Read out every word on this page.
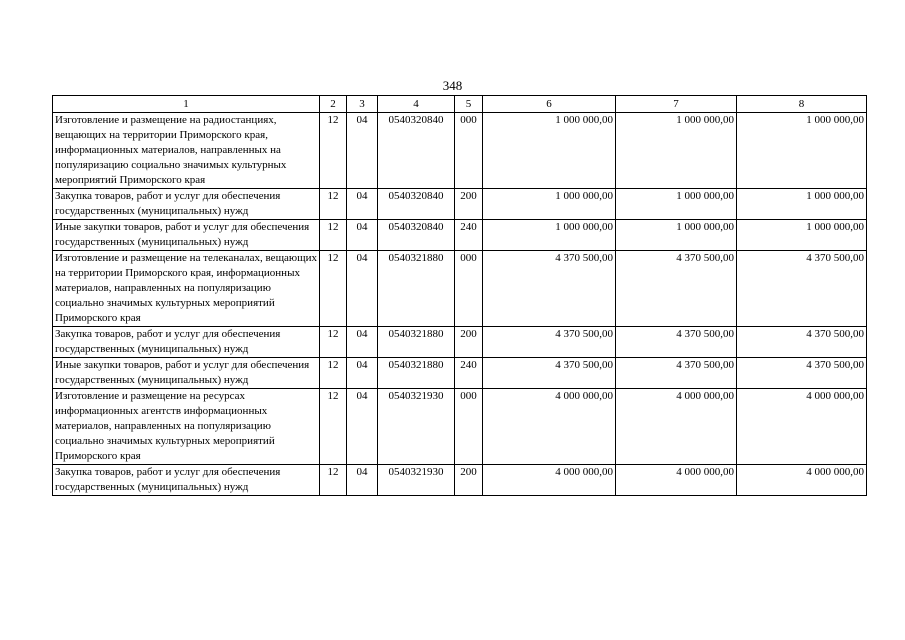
348
1	2	3	4	5	6	7	8
Изготовление и размещение на радиостанциях, вещающих на территории Приморского края, информационных материалов, направленных на популяризацию социально значимых культурных мероприятий Приморского края	12	04	0540320840	000	1 000 000,00	1 000 000,00	1 000 000,00
Закупка товаров, работ и услуг для обеспечения государственных (муниципальных) нужд	12	04	0540320840	200	1 000 000,00	1 000 000,00	1 000 000,00
Иные закупки товаров, работ и услуг для обеспечения государственных (муниципальных) нужд	12	04	0540320840	240	1 000 000,00	1 000 000,00	1 000 000,00
Изготовление и размещение на телеканалах, вещающих на территории Приморского края, информационных материалов, направленных на популяризацию социально значимых культурных мероприятий Приморского края	12	04	0540321880	000	4 370 500,00	4 370 500,00	4 370 500,00
Закупка товаров, работ и услуг для обеспечения государственных (муниципальных) нужд	12	04	0540321880	200	4 370 500,00	4 370 500,00	4 370 500,00
Иные закупки товаров, работ и услуг для обеспечения государственных (муниципальных) нужд	12	04	0540321880	240	4 370 500,00	4 370 500,00	4 370 500,00
Изготовление и размещение на ресурсах информационных агентств информационных материалов, направленных на популяризацию социально значимых культурных мероприятий Приморского края	12	04	0540321930	000	4 000 000,00	4 000 000,00	4 000 000,00
Закупка товаров, работ и услуг для обеспечения государственных (муниципальных) нужд	12	04	0540321930	200	4 000 000,00	4 000 000,00	4 000 000,00
